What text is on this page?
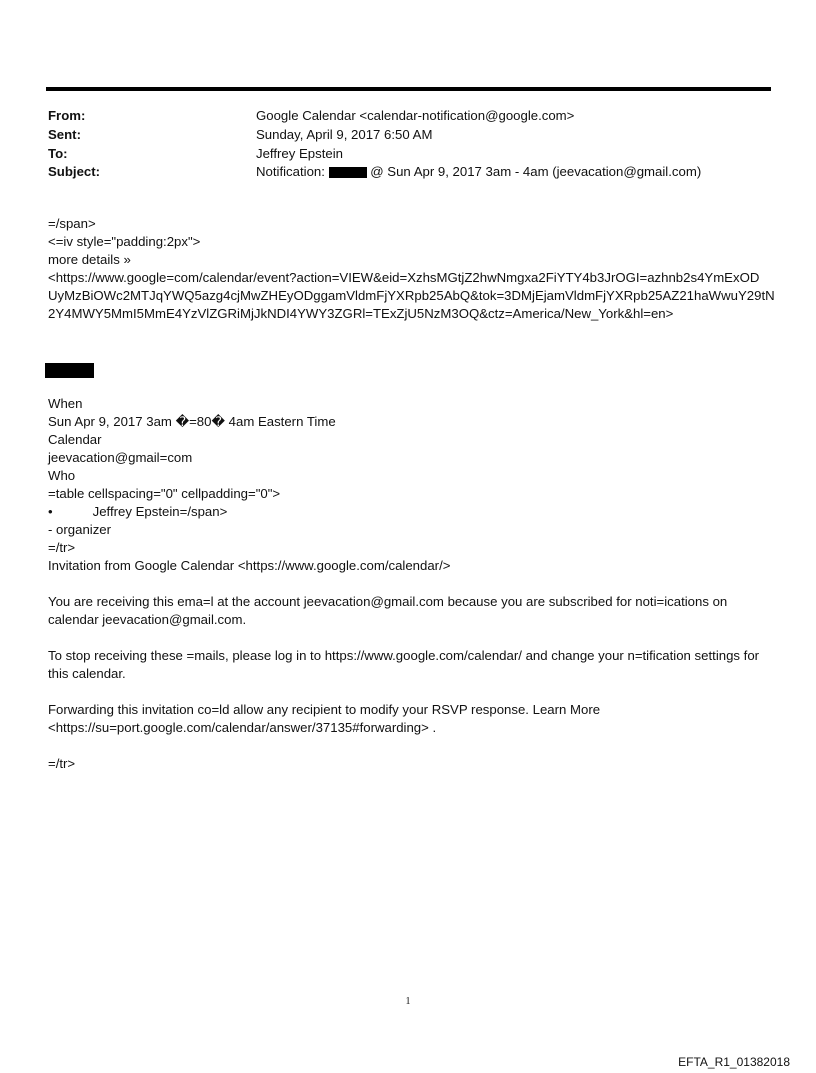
From:	Google Calendar <calendar-notification@google.com>
Sent:	Sunday, April 9, 2017 6:50 AM
To:	Jeffrey Epstein
Subject:	Notification:	@ Sun Apr 9, 2017 3am - 4am (jeevacation@gmail.com)
=/span>
<=iv style="padding:2px">
more details »
<https://www.google=com/calendar/event?action=VIEW&eid=XzhsMGtjZ2hwNmgxa2FiYTY4b3JrOGI=azhnb2s4YmExOD
UyMzBiOWc2MTJqYWQ5azg4cjMwZHEyODggamVldmFjYXRpb25AbQ&tok=3DMjEjamVldmFjYXRpb25AZ21haWwuY29tN
2Y4MWY5MmI5MmE4YzVlZGRiMjJkNDI4YWY3ZGRl=TExZjU5NzM3OQ&ctz=America/New_York&hl=en>
When
Sun Apr 9, 2017 3am �=80� 4am Eastern Time
Calendar
jeevacation@gmail=com
Who
=table cellspacing="0" cellpadding="0">
•	Jeffrey Epstein=/span>
- organizer
=/tr>
Invitation from Google Calendar <https://www.google.com/calendar/>
You are receiving this ema=l at the account jeevacation@gmail.com because you are subscribed for noti=ications on calendar jeevacation@gmail.com.
To stop receiving these =mails, please log in to https://www.google.com/calendar/ and change your n=tification settings for this calendar.
Forwarding this invitation co=ld allow any recipient to modify your RSVP response. Learn More
<https://su=port.google.com/calendar/answer/37135#forwarding> .
=/tr>
1
EFTA_R1_01382018
